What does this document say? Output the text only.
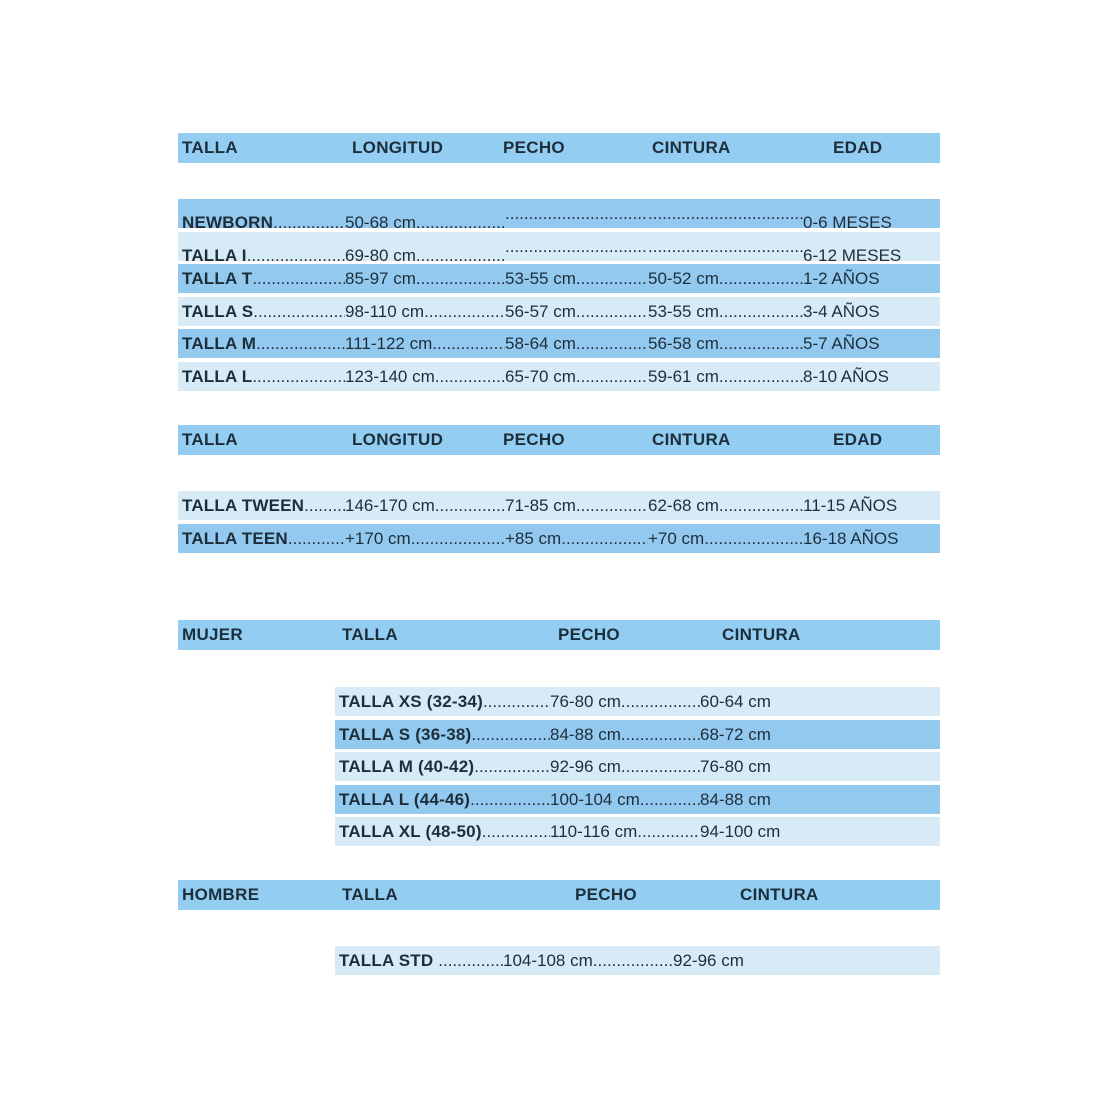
TALLA	LONGITUD	PECHO	CINTURA	EDAD
NEWBORN .....	50-68 cm ..... ..... .....	0-6 MESES
TALLA I .....	69-80 cm ..... ..... .....	6-12 MESES
TALLA T .....	85-97 cm .....	53-55 cm .....	50-52 cm .....	1-2 AÑOS
TALLA S .....	98-110 cm .....	56-57 cm .....	53-55 cm .....	3-4 AÑOS
TALLA M .....	111-122 cm .....	58-64 cm .....	56-58 cm .....	5-7 AÑOS
TALLA L .....	123-140 cm .....	65-70 cm .....	59-61 cm .....	8-10 AÑOS
TALLA	LONGITUD	PECHO	CINTURA	EDAD
TALLA TWEEN ..... 146-170 cm .....	71-85 cm .....	62-68 cm .....	11-15 AÑOS
TALLA TEEN .....	+170 cm .....	+85 cm .....	+70 cm .....	16-18 AÑOS
MUJER	TALLA	PECHO	CINTURA
TALLA XS (32-34) .....	76-80 cm .....	60-64 cm
TALLA S (36-38) .....	84-88 cm .....	68-72 cm
TALLA M (40-42) .....	92-96 cm .....	76-80 cm
TALLA L (44-46) .....	100-104 cm .....	84-88 cm
TALLA XL (48-50) .....	110-116 cm .....	94-100 cm
HOMBRE	TALLA	PECHO	CINTURA
TALLA STD .....	104-108 cm .....	92-96 cm
